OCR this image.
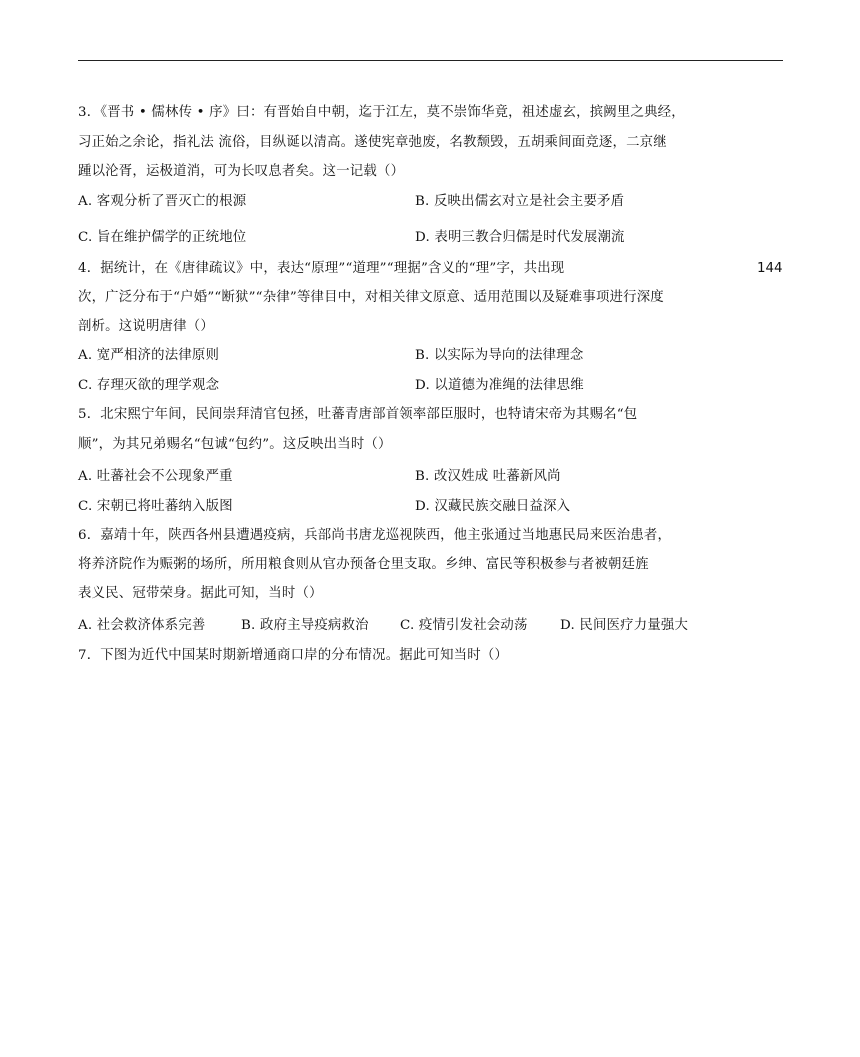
3．《晋书 • 儒林传 • 序》曰：有晋始自中朝，迄于江左，莫不崇饰华竟，祖述虚玄，摈阙里之典经，
习正始之余论，指礼法 流俗，目纵诞以清高。遂使宪章弛废，名教颓毁，五胡乘间面竞逐，二京继
踵以沦胥，运极道消，可为长叹息者矣。这一记载（）
A. 客观分析了晋灭亡的根源	B. 反映出儒玄对立是社会主要矛盾
C. 旨在维护儒学的正统地位	D. 表明三教合归儒是时代发展潮流
4．据统计，在《唐律疏议》中，表达“原理”“道理”“理据”含义的“理”字，共出现	144
次，广泛分布于“户婚”“断狱”“杂律”等律目中，对相关律文原意、适用范围以及疑难事项进行深度
剖析。这说明唐律（）
A. 宽严相济的法律原则	B. 以实际为导向的法律理念
C. 存理灭欲的理学观念	D. 以道德为准绳的法律思维
5．北宋熙宁年间，民间崇拜清官包拯，吐蕃青唐部首领率部臣服时，也特请宋帝为其赐名“包
顺”，为其兄弟赐名“包诚“包约”。这反映出当时（）
A. 吐蕃社会不公现象严重	B. 改汉姓成 吐蕃新风尚
C. 宋朝已将吐蕃纳入版图	D. 汉藏民族交融日益深入
6．嘉靖十年，陕西各州县遭遇疫病，兵部尚书唐龙巡视陕西，他主张通过当地惠民局来医治患者，
将养济院作为赈粥的场所，所用粮食则从官办预备仓里支取。乡绅、富民等积极参与者被朝廷旌
表义民、冠带荣身。据此可知，当时（）
A. 社会救济体系完善	B. 政府主导疫病救治 C. 疫情引发社会动荡 D. 民间医疗力量强大
7．下图为近代中国某时期新增通商口岸的分布情况。据此可知当时（）
